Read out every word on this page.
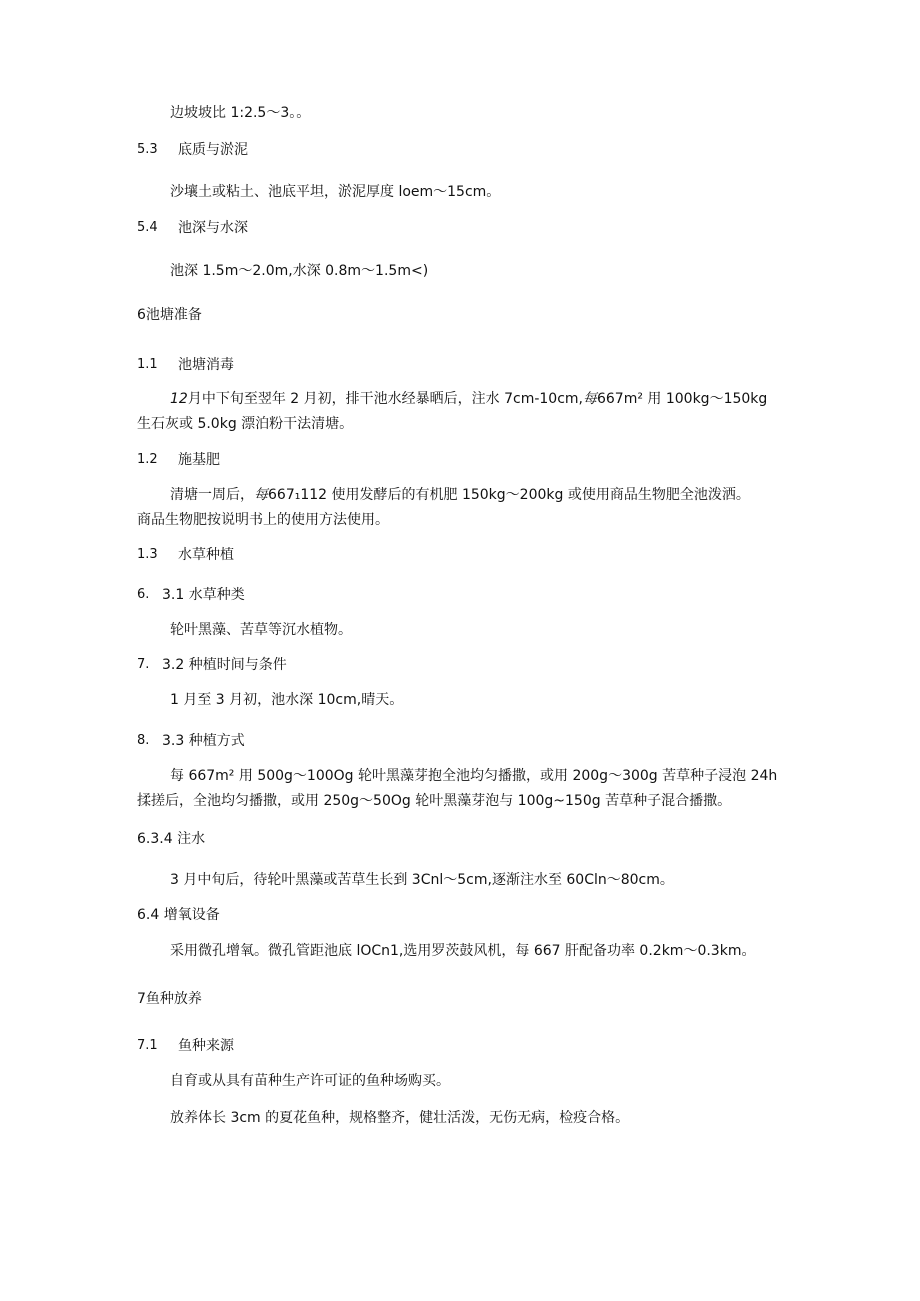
边坡坡比 1:2.5～3。。
5.3 底质与淤泥
沙壤土或粘土、池底平坦，淤泥厚度 loem～15cm。
5.4 池深与水深
池深 1.5m～2.0m,水深 0.8m～1.5m<)
6池塘准备
1.1 池塘消毒
12月中下旬至翌年 2 月初，排干池水经暴晒后，注水 7cm-10cm,每667m² 用 100kg～150kg
生石灰或 5.0kg 漂泊粉干法清塘。
1.2 施基肥
清塘一周后，每667₁112 使用发酵后的有机肥 150kg～200kg 或使用商品生物肥全池泼洒。
商品生物肥按说明书上的使用方法使用。
1.3 水草种植
6. 3.1 水草种类
轮叶黑藻、苦草等沉水植物。
7. 3.2 种植时间与条件
1 月至 3 月初，池水深 10cm,晴天。
8. 3.3 种植方式
每 667m² 用 500g～100Og 轮叶黑藻芽抱全池均匀播撒，或用 200g～300g 苦草种子浸泡 24h
揉搓后，全池均匀播撒，或用 250g～50Og 轮叶黑藻芽泡与 100g~150g 苦草种子混合播撒。
6.3.4 注水
3 月中旬后，待轮叶黑藻或苦草生长到 3Cnl～5cm,逐渐注水至 60Cln～80cm。
6.4 增氧设备
采用微孔增氧。微孔管距池底 lOCn1,选用罗茨鼓风机，每 667 肝配备功率 0.2km～0.3km。
7鱼种放养
7.1 鱼种来源
自育或从具有苗种生产许可证的鱼种场购买。
放养体长 3cm 的夏花鱼种，规格整齐，健壮活泼，无伤无病，检疫合格。
